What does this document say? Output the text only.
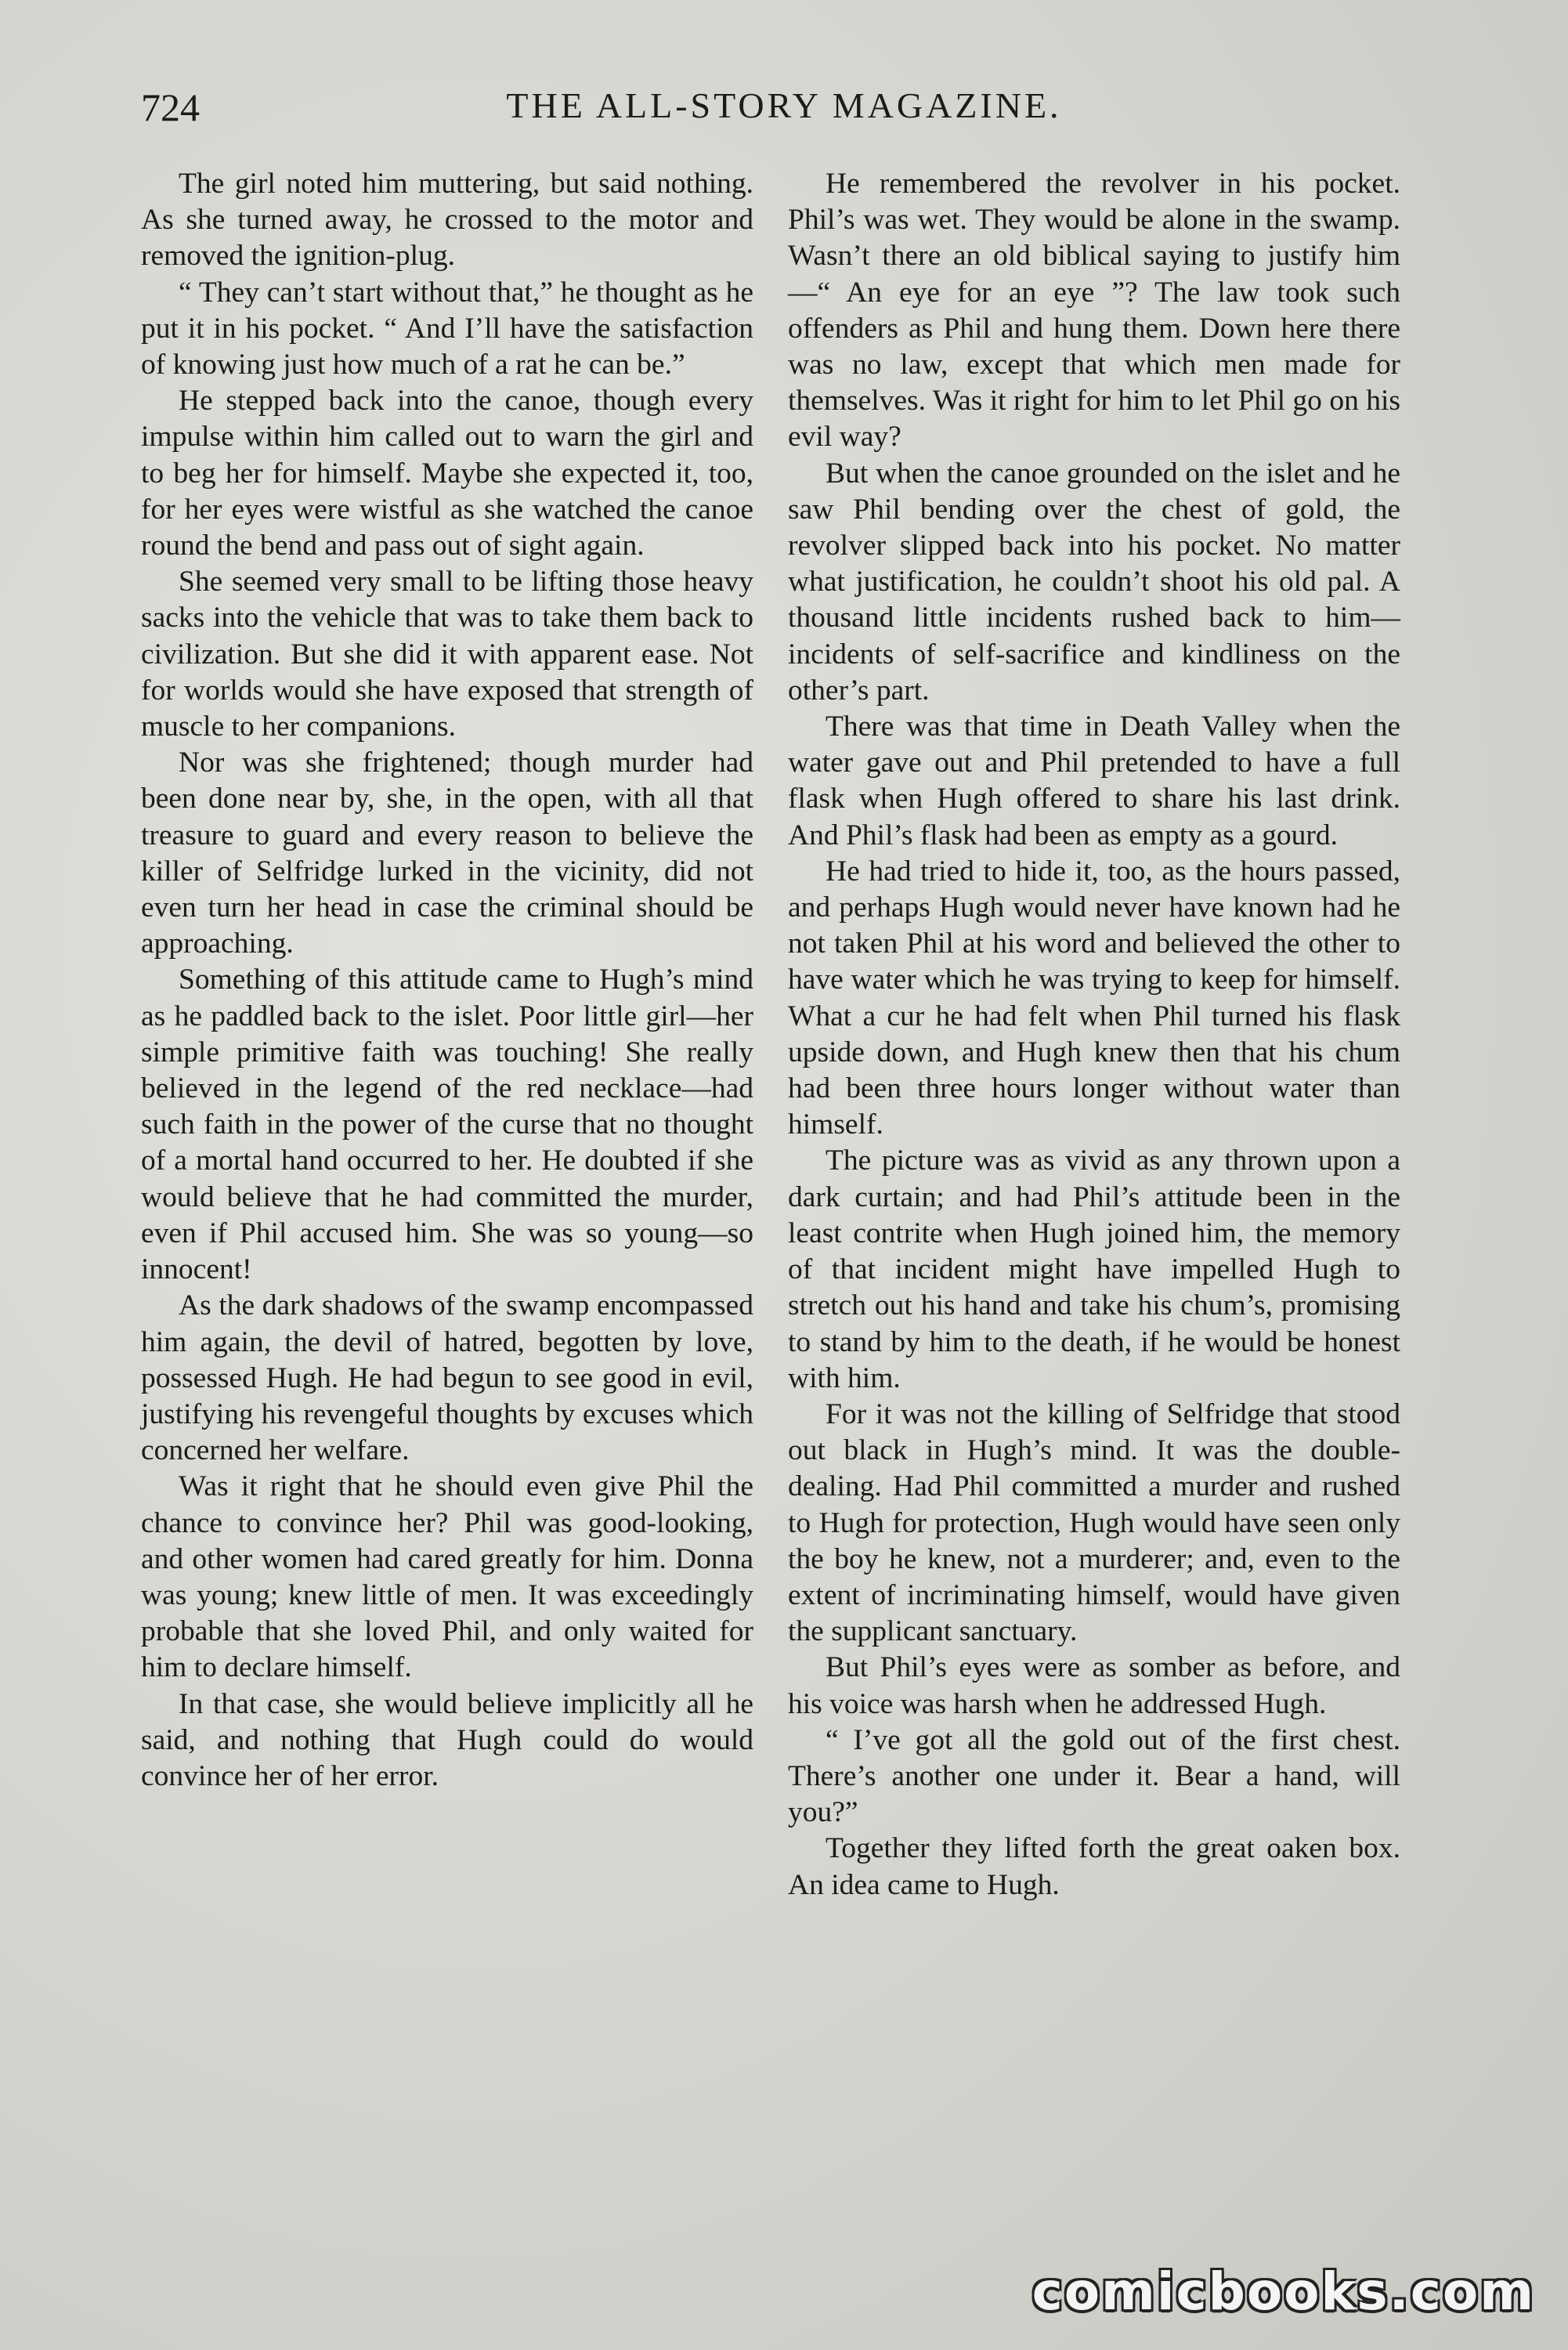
724	THE ALL-STORY MAGAZINE.

The girl noted him muttering, but said nothing. As she turned away, he crossed to the motor and removed the ignition-plug.

“ They can’t start without that,” he thought as he put it in his pocket. “ And I’ll have the satisfaction of knowing just how much of a rat he can be.”

He stepped back into the canoe, though every impulse within him called out to warn the girl and to beg her for himself. Maybe she expected it, too, for her eyes were wistful as she watched the canoe round the bend and pass out of sight again.

She seemed very small to be lifting those heavy sacks into the vehicle that was to take them back to civilization. But she did it with apparent ease. Not for worlds would she have exposed that strength of muscle to her companions.

Nor was she frightened; though murder had been done near by, she, in the open, with all that treasure to guard and every reason to believe the killer of Selfridge lurked in the vicinity, did not even turn her head in case the criminal should be approaching.

Something of this attitude came to Hugh’s mind as he paddled back to the islet. Poor little girl—her simple primitive faith was touching! She really believed in the legend of the red necklace—had such faith in the power of the curse that no thought of a mortal hand occurred to her. He doubted if she would believe that he had committed the murder, even if Phil accused him. She was so young—so innocent!

As the dark shadows of the swamp encompassed him again, the devil of hatred, begotten by love, possessed Hugh. He had begun to see good in evil, justifying his revengeful thoughts by excuses which concerned her welfare.

Was it right that he should even give Phil the chance to convince her? Phil was good-looking, and other women had cared greatly for him. Donna was young; knew little of men. It was exceedingly probable that she loved Phil, and only waited for him to declare himself.

In that case, she would believe implicitly all he said, and nothing that Hugh could do would convince her of her error.

He remembered the revolver in his pocket. Phil’s was wet. They would be alone in the swamp. Wasn’t there an old biblical saying to justify him—“ An eye for an eye ”? The law took such offenders as Phil and hung them. Down here there was no law, except that which men made for themselves. Was it right for him to let Phil go on his evil way?

But when the canoe grounded on the islet and he saw Phil bending over the chest of gold, the revolver slipped back into his pocket. No matter what justification, he couldn’t shoot his old pal. A thousand little incidents rushed back to him—incidents of self-sacrifice and kindliness on the other’s part.

There was that time in Death Valley when the water gave out and Phil pretended to have a full flask when Hugh offered to share his last drink. And Phil’s flask had been as empty as a gourd.

He had tried to hide it, too, as the hours passed, and perhaps Hugh would never have known had he not taken Phil at his word and believed the other to have water which he was trying to keep for himself. What a cur he had felt when Phil turned his flask upside down, and Hugh knew then that his chum had been three hours longer without water than himself.

The picture was as vivid as any thrown upon a dark curtain; and had Phil’s attitude been in the least contrite when Hugh joined him, the memory of that incident might have impelled Hugh to stretch out his hand and take his chum’s, promising to stand by him to the death, if he would be honest with him.

For it was not the killing of Selfridge that stood out black in Hugh’s mind. It was the double-dealing. Had Phil committed a murder and rushed to Hugh for protection, Hugh would have seen only the boy he knew, not a murderer; and, even to the extent of incriminating himself, would have given the supplicant sanctuary.

But Phil’s eyes were as somber as before, and his voice was harsh when he addressed Hugh.

“ I’ve got all the gold out of the first chest. There’s another one under it. Bear a hand, will you?”

Together they lifted forth the great oaken box. An idea came to Hugh.

comicbooks.com
